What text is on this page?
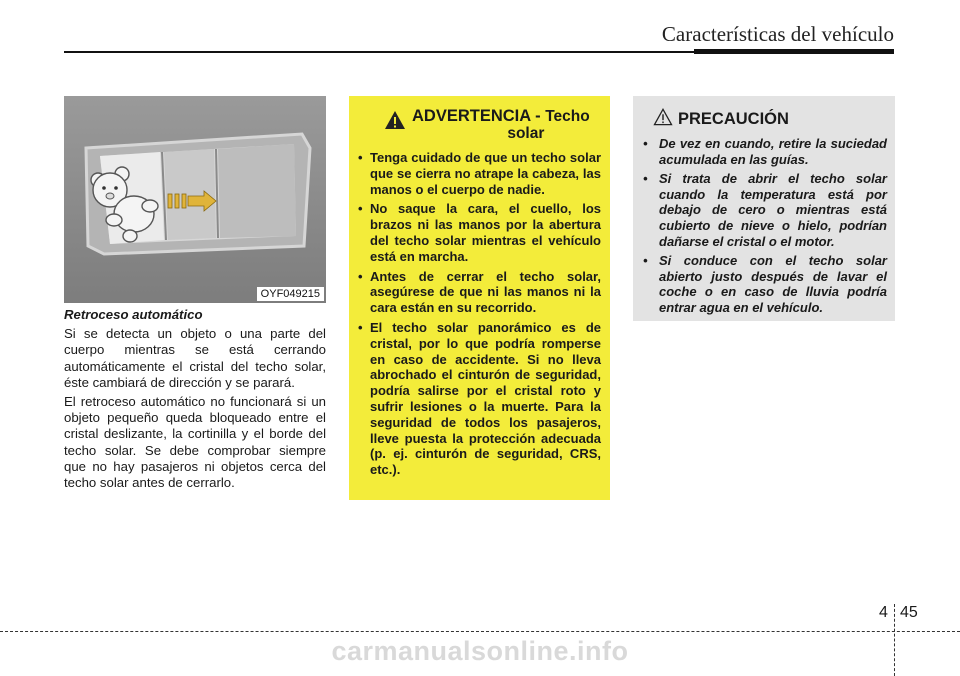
Características del vehículo
OYF049215
Retroceso automático

Si se detecta un objeto o una parte del cuerpo mientras se está cerrando automáticamente el cristal del techo solar, éste cambiará de dirección y se parará.

El retroceso automático no funcionará si un objeto pequeño queda bloqueado entre el cristal deslizante, la cortinilla y el borde del techo solar. Se debe comprobar siempre que no hay pasajeros ni objetos cerca del techo solar antes de cerrarlo.

ADVERTENCIA - Techo
solar
• Tenga cuidado de que un techo solar que se cierra no atrape la cabeza, las manos o el cuerpo de nadie.
• No saque la cara, el cuello, los brazos ni las manos por la abertura del techo solar mientras el vehículo está en marcha.
• Antes de cerrar el techo solar, asegúrese de que ni las manos ni la cara están en su recorrido.
• El techo solar panorámico es de cristal, por lo que podría romperse en caso de accidente. Si no lleva abrochado el cinturón de seguridad, podría salirse por el cristal roto y sufrir lesiones o la muerte. Para la seguridad de todos los pasajeros, lleve puesta la protección adecuada (p. ej. cinturón de seguridad, CRS, etc.).
PRECAUCIÓN
• De vez en cuando, retire la suciedad acumulada en las guías.
• Si trata de abrir el techo solar cuando la temperatura está por debajo de cero o mientras está cubierto de nieve o hielo, podrían dañarse el cristal o el motor.
• Si conduce con el techo solar abierto justo después de lavar el coche o en caso de lluvia podría entrar agua en el vehículo.
4 45
carmanualsonline.info
